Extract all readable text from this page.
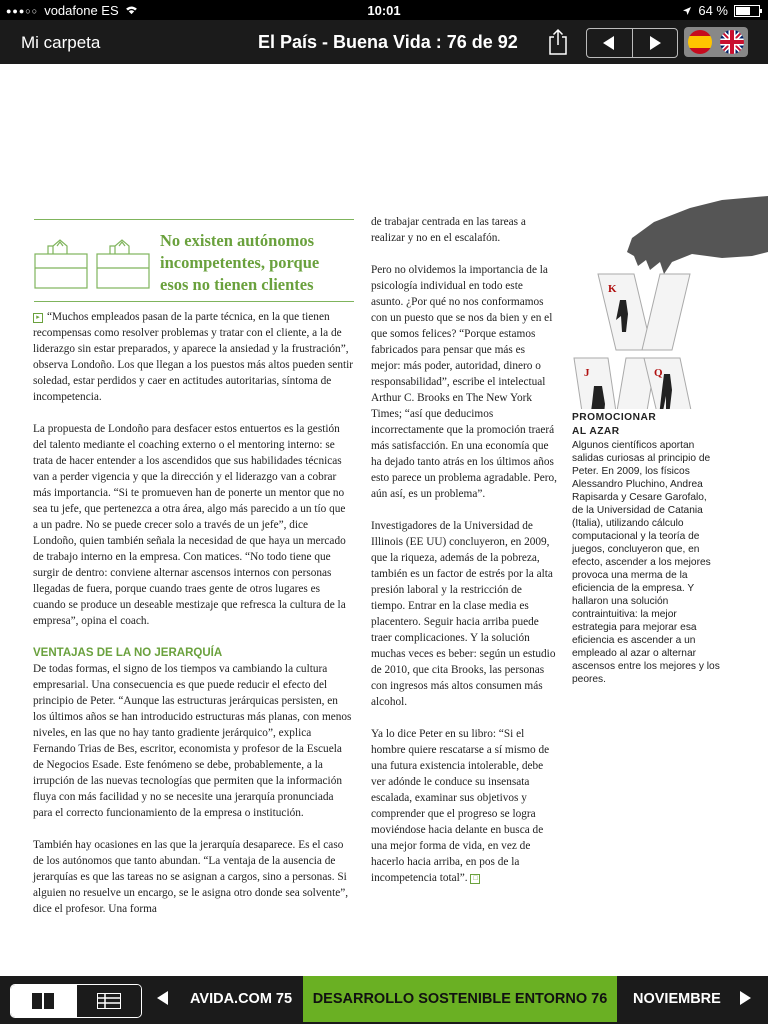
●●●○○ vodafone ES	10:01	64 %
Mi carpeta	El País - Buena Vida : 76 de 92
No existen autónomos incompetentes, porque esos no tienen clientes

▸ “Muchos empleados pasan de la parte técnica, en la que tienen recompensas como resolver problemas y tratar con el cliente, a la de liderazgo sin estar preparados, y aparece la ansiedad y la frustración”, observa Londoño. Los que llegan a los puestos más altos pueden sentir soledad, estar perdidos y caer en actitudes autoritarias, síntoma de incompetencia.

La propuesta de Londoño para desfacer estos entuertos es la gestión del talento mediante el coaching externo o el mentoring interno: se trata de hacer entender a los ascendidos que sus habilidades técnicas van a perder vigencia y que la dirección y el liderazgo van a cobrar más importancia. “Si te promueven han de ponerte un mentor que no sea tu jefe, que pertenezca a otra área, algo más parecido a un tío que a un padre. No se puede crecer solo a través de un jefe”, dice Londoño, quien también señala la necesidad de que haya un mercado de trabajo interno en la empresa. Con matices. “No todo tiene que surgir de dentro: conviene alternar ascensos internos con personas llegadas de fuera, porque cuando traes gente de otros lugares es cuando se produce un deseable mestizaje que refresca la cultura de la empresa”, opina el coach.

VENTAJAS DE LA NO JERARQUÍA

De todas formas, el signo de los tiempos va cambiando la cultura empresarial. Una consecuencia es que puede reducir el efecto del principio de Peter. “Aunque las estructuras jerárquicas persisten, en los últimos años se han introducido estructuras más planas, con menos niveles, en las que no hay tanto gradiente jerárquico”, explica Fernando Trias de Bes, escritor, economista y profesor de la Escuela de Negocios Esade. Este fenómeno se debe, probablemente, a la irrupción de las nuevas tecnologías que permiten que la información fluya con más facilidad y no se necesite una jerarquía pronunciada para el correcto funcionamiento de la empresa o institución.

También hay ocasiones en las que la jerarquía desaparece. Es el caso de los autónomos que tanto abundan. “La ventaja de la ausencia de jerarquías es que las tareas no se asignan a cargos, sino a personas. Si alguien no resuelve un encargo, se le asigna otro donde sea solvente”, dice el profesor. Una forma

de trabajar centrada en las tareas a realizar y no en el escalafón.

Pero no olvidemos la importancia de la psicología individual en todo este asunto. ¿Por qué no nos conformamos con un puesto que se nos da bien y en el que somos felices? “Porque estamos fabricados para pensar que más es mejor: más poder, autoridad, dinero o responsabilidad”, escribe el intelectual Arthur C. Brooks en The New York Times; “así que deducimos incorrectamente que la promoción traerá más satisfacción. En una economía que ha dejado tanto atrás en los últimos años esto parece un problema agradable. Pero, aún así, es un problema”.

Investigadores de la Universidad de Illinois (EE UU) concluyeron, en 2009, que la riqueza, además de la pobreza, también es un factor de estrés por la alta presión laboral y la restricción de tiempo. Entrar en la clase media es placentero. Seguir hacia arriba puede traer complicaciones. Y la solución muchas veces es beber: según un estudio de 2010, que cita Brooks, las personas con ingresos más altos consumen más alcohol.

Ya lo dice Peter en su libro: “Si el hombre quiere rescatarse a sí mismo de una futura existencia intolerable, debe ver adónde le conduce su insensata escalada, examinar sus objetivos y comprender que el progreso se logra moviéndose hacia delante en busca de una mejor forma de vida, en vez de hacerlo hacia arriba, en pos de la incompetencia total”. □

K
J	Q
PROMOCIONAR
AL AZAR
Algunos científicos aportan salidas curiosas al principio de Peter. En 2009, los físicos Alessandro Pluchino, Andrea Rapisarda y Cesare Garofalo, de la Universidad de Catania (Italia), utilizando cálculo computacional y la teoría de juegos, concluyeron que, en efecto, ascender a los mejores provoca una merma de la eficiencia de la empresa. Y hallaron una solución contraintuitiva: la mejor estrategia para mejorar esa eficiencia es ascender a un empleado al azar o alternar ascensos entre los mejores y los peores.
AVIDA.COM 75	DESARROLLO SOSTENIBLE ENTORNO 76	NOVIEMBRE
